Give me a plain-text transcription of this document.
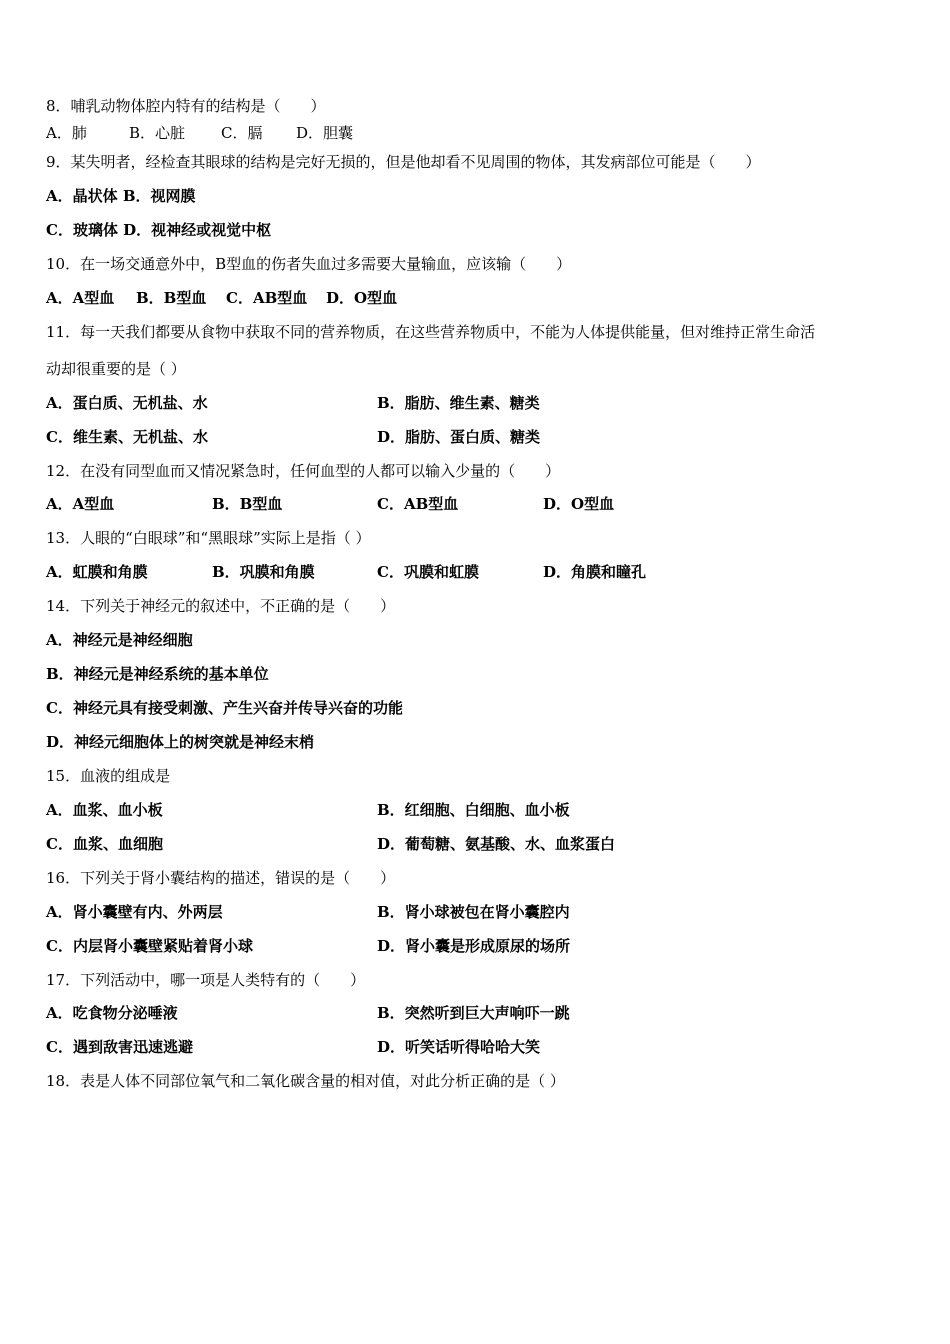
8．哺乳动物体腔内特有的结构是（　　）
A．肺	B．心脏 C．膈 D．胆囊
9．某失明者，经检查其眼球的结构是完好无损的，但是他却看不见周围的物体，其发病部位可能是（　　）
A．晶状体 B．视网膜
C．玻璃体 D．视神经或视觉中枢
10．在一场交通意外中，B型血的伤者失血过多需要大量输血，应该输（　　）
A．A型血 B．B型血 C．AB型血 D．O型血
11．每一天我们都要从食物中获取不同的营养物质，在这些营养物质中，不能为人体提供能量，但对维持正常生命活
动却很重要的是（ ）
A．蛋白质、无机盐、水	B．脂肪、维生素、糖类
C．维生素、无机盐、水	D．脂肪、蛋白质、糖类
12．在没有同型血而又情况紧急时，任何血型的人都可以输入少量的（　　）
A．A型血	B．B型血	C．AB型血	D．O型血
13．人眼的“白眼球”和“黑眼球”实际上是指（ ）
A．虹膜和角膜	B．巩膜和角膜	C．巩膜和虹膜	D．角膜和瞳孔
14．下列关于神经元的叙述中，不正确的是（　　）
A．神经元是神经细胞
B．神经元是神经系统的基本单位
C．神经元具有接受刺激、产生兴奋并传导兴奋的功能
D．神经元细胞体上的树突就是神经末梢
15．血液的组成是
A．血浆、血小板	B．红细胞、白细胞、血小板
C．血浆、血细胞	D．葡萄糖、氨基酸、水、血浆蛋白
16．下列关于肾小囊结构的描述，错误的是（　　）
A．肾小囊壁有内、外两层	B．肾小球被包在肾小囊腔内
C．内层肾小囊壁紧贴着肾小球	D．肾小囊是形成原尿的场所
17．下列活动中，哪一项是人类特有的（　　）
A．吃食物分泌唾液	B．突然听到巨大声响吓一跳
C．遇到敌害迅速逃避	D．听笑话听得哈哈大笑
18．表是人体不同部位氧气和二氧化碳含量的相对值，对此分析正确的是（ ）
